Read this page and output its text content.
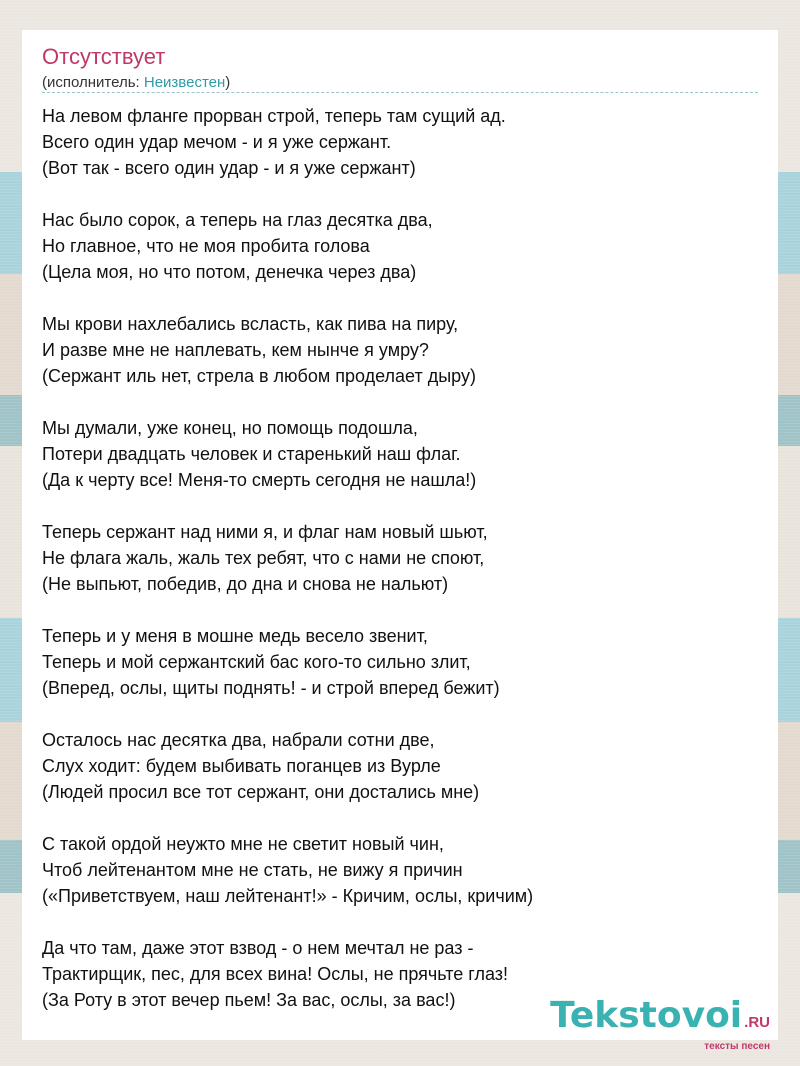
Отсутствует
(исполнитель: Неизвестен)
На левом фланге прорван строй, теперь там сущий ад.
Всего один удар мечом - и я уже сержант.
(Вот так - всего один удар - и я уже сержант)
Нас было сорок, а теперь на глаз десятка два,
Но главное, что не моя пробита голова
(Цела моя, но что потом, денечка через два)
Мы крови нахлебались всласть, как пива на пиру,
И разве мне не наплевать, кем нынче я умру?
(Сержант иль нет, стрела в любом проделает дыру)
Мы думали, уже конец, но помощь подошла,
Потери двадцать человек и старенький наш флаг.
(Да к черту все! Меня-то смерть сегодня не нашла!)
Теперь сержант над ними я, и флаг нам новый шьют,
Не флага жаль, жаль тех ребят, что с нами не споют,
(Не выпьют, победив, до дна и снова не нальют)
Теперь и у меня в мошне медь весело звенит,
Теперь и мой сержантский бас кого-то сильно злит,
(Вперед, ослы, щиты поднять! - и строй вперед бежит)
Осталось нас десятка два, набрали сотни две,
Слух ходит: будем выбивать поганцев из Вурле
(Людей просил все тот сержант, они достались мне)
С такой ордой неужто мне не светит новый чин,
Чтоб лейтенантом мне не стать, не вижу я причин
(«Приветствуем, наш лейтенант!» - Кричим, ослы, кричим)
Да что там, даже этот взвод - о нем мечтал не раз -
Трактирщик, пес, для всех вина! Ослы, не прячьте глаз!
(За Роту в этот вечер пьем! За вас, ослы, за вас!)	Tekstovoi .RU
тексты песен
